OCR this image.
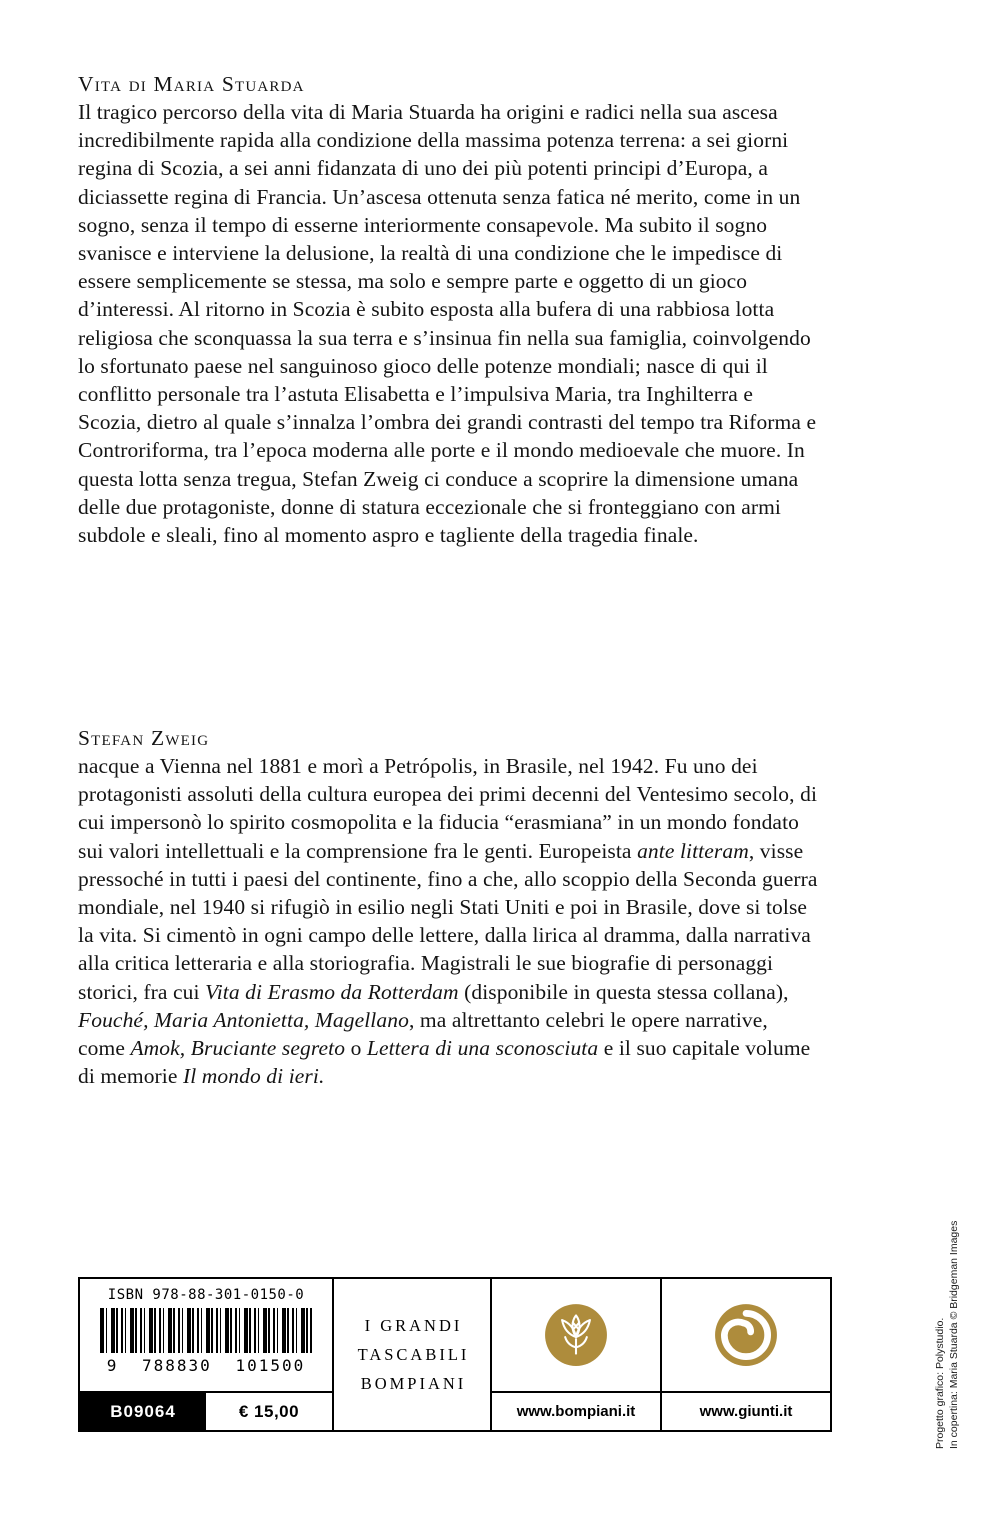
Vita di Maria Stuarda

Il tragico percorso della vita di Maria Stuarda ha origini e radici nella sua ascesa incredibilmente rapida alla condizione della massima potenza terrena: a sei giorni regina di Scozia, a sei anni fidanzata di uno dei più potenti principi d’Europa, a diciassette regina di Francia. Un’ascesa ottenuta senza fatica né merito, come in un sogno, senza il tempo di esserne interiormente consapevole. Ma subito il sogno svanisce e interviene la delusione, la realtà di una condizione che le impedisce di essere semplicemente se stessa, ma solo e sempre parte e oggetto di un gioco d’interessi. Al ritorno in Scozia è subito esposta alla bufera di una rabbiosa lotta religiosa che sconquassa la sua terra e s’insinua fin nella sua famiglia, coinvolgendo lo sfortunato paese nel sanguinoso gioco delle potenze mondiali; nasce di qui il conflitto personale tra l’astuta Elisabetta e l’impulsiva Maria, tra Inghilterra e Scozia, dietro al quale s’innalza l’ombra dei grandi contrasti del tempo tra Riforma e Controriforma, tra l’epoca moderna alle porte e il mondo medioevale che muore. In questa lotta senza tregua, Stefan Zweig ci conduce a scoprire la dimensione umana delle due protagoniste, donne di statura eccezionale che si fronteggiano con armi subdole e sleali, fino al momento aspro e tagliente della tragedia finale.

Stefan Zweig

nacque a Vienna nel 1881 e morì a Petrópolis, in Brasile, nel 1942. Fu uno dei protagonisti assoluti della cultura europea dei primi decenni del Ventesimo secolo, di cui impersonò lo spirito cosmopolita e la fiducia “erasmiana” in un mondo fondato sui valori intellettuali e la comprensione fra le genti. Europeista ante litteram, visse pressoché in tutti i paesi del continente, fino a che, allo scoppio della Seconda guerra mondiale, nel 1940 si rifugiò in esilio negli Stati Uniti e poi in Brasile, dove si tolse la vita. Si cimentò in ogni campo delle lettere, dalla lirica al dramma, dalla narrativa alla critica letteraria e alla storiografia. Magistrali le sue biografie di personaggi storici, fra cui Vita di Erasmo da Rotterdam (disponibile in questa stessa collana), Fouché, Maria Antonietta, Magellano, ma altrettanto celebri le opere narrative, come Amok, Bruciante segreto o Lettera di una sconosciuta e il suo capitale volume di memorie Il mondo di ieri.

ISBN 978-88-301-0150-0
9 788830 101500
B09064	€ 15,00
I GRANDI
TASCABILI
BOMPIANI
www.bompiani.it	www.giunti.it	Progetto grafico: Polystudio. In copertina: Maria Stuarda © Bridgeman Images
